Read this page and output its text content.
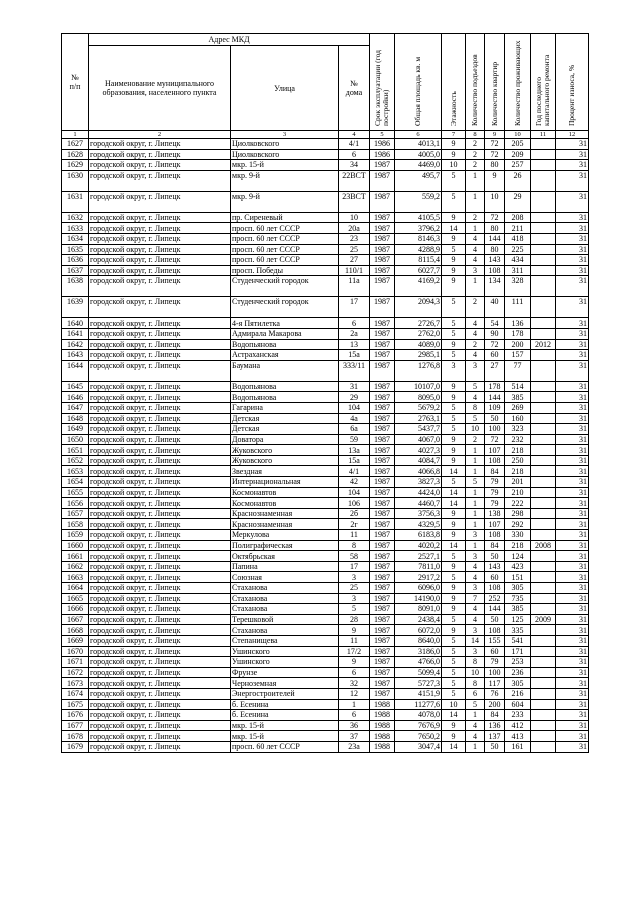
№ п/п	Адрес МКД			Срок эксплуатации (год постройки)	Общая площадь кв. м	Этажность	Количество подъездов	Количество квартир	Количество проживающих	Год последнего капитального ремонта	Процент износа, %

	Наименование муниципального образования, населенного пункта	Улица	№ дома								

1	2	3	4	5	6	7	8	9	10	11	12
1627	городской округ, г. Липецк	Циолковского	4/1	1986	4013,1	9	2	72	205		31
1628	городской округ, г. Липецк	Циолковского	6	1986	4005,0	9	2	72	209		31
1629	городской округ, г. Липецк	мкр. 15-й	34	1987	4469,0	10	2	80	257		31
1630	городской округ, г. Липецк	мкр. 9-й	22ВСТ	1987	495,7	5	1	9	26		31
1631	городской округ, г. Липецк	мкр. 9-й	23ВСТ	1987	559,2	5	1	10	29		31
1632	городской округ, г. Липецк	пр. Сиреневый	10	1987	4105,5	9	2	72	208		31
1633	городской округ, г. Липецк	просп. 60 лет СССР	20а	1987	3796,2	14	1	80	211		31
1634	городской округ, г. Липецк	просп. 60 лет СССР	23	1987	8146,3	9	4	144	418		31
1635	городской округ, г. Липецк	просп. 60 лет СССР	25	1987	4288,9	5	4	80	225		31
1636	городской округ, г. Липецк	просп. 60 лет СССР	27	1987	8115,4	9	4	143	434		31
1637	городской округ, г. Липецк	просп. Победы	110/1	1987	6027,7	9	3	108	311		31
1638	городской округ, г. Липецк	Студенческий городок	11а	1987	4169,2	9	1	134	328		31
1639	городской округ, г. Липецк	Студенческий городок	17	1987	2094,3	5	2	40	111		31
1640	городской округ, г. Липецк	4-я Пятилетка	6	1987	2726,7	5	4	54	136		31
1641	городской округ, г. Липецк	Адмирала Макарова	2а	1987	2762,0	5	4	90	178		31
1642	городской округ, г. Липецк	Водопьянова	13	1987	4089,0	9	2	72	200	2012	31
1643	городской округ, г. Липецк	Астраханская	15а	1987	2985,1	5	4	60	157		31
1644	городской округ, г. Липецк	Баумана	333/11	1987	1276,8	3	3	27	77		31
1645	городской округ, г. Липецк	Водопьянова	31	1987	10107,0	9	5	178	514		31
1646	городской округ, г. Липецк	Водопьянова	29	1987	8095,0	9	4	144	385		31
1647	городской округ, г. Липецк	Гагарина	104	1987	5679,2	5	8	109	269		31
1648	городской округ, г. Липецк	Детская	4а	1987	2763,1	5	5	50	160		31
1649	городской округ, г. Липецк	Детская	6а	1987	5437,7	5	10	100	323		31
1650	городской округ, г. Липецк	Доватора	59	1987	4067,0	9	2	72	232		31
1651	городской округ, г. Липецк	Жуковского	13а	1987	4027,3	9	1	107	218		31
1652	городской округ, г. Липецк	Жуковского	15а	1987	4084,7	9	1	108	250		31
1653	городской округ, г. Липецк	Звездная	4/1	1987	4066,8	14	1	84	218		31
1654	городской округ, г. Липецк	Интернациональная	42	1987	3827,3	5	5	79	201		31
1655	городской округ, г. Липецк	Космонавтов	104	1987	4424,0	14	1	79	210		31
1656	городской округ, г. Липецк	Космонавтов	106	1987	4460,7	14	1	79	222		31
1657	городской округ, г. Липецк	Краснознаменная	2б	1987	3756,3	9	1	138	298		31
1658	городской округ, г. Липецк	Краснознаменная	2г	1987	4329,5	9	1	107	292		31
1659	городской округ, г. Липецк	Меркулова	11	1987	6183,8	9	3	108	330		31
1660	городской округ, г. Липецк	Полиграфическая	8	1987	4020,2	14	1	84	218	2008	31
1661	городской округ, г. Липецк	Октябрьская	58	1987	2527,1	5	3	50	124		31
1662	городской округ, г. Липецк	Папина	17	1987	7811,0	9	4	143	423		31
1663	городской округ, г. Липецк	Союзная	3	1987	2917,2	5	4	60	151		31
1664	городской округ, г. Липецк	Стаханова	25	1987	6096,0	9	3	108	305		31
1665	городской округ, г. Липецк	Стаханова	3	1987	14190,0	9	7	252	735		31
1666	городской округ, г. Липецк	Стаханова	5	1987	8091,0	9	4	144	385		31
1667	городской округ, г. Липецк	Терешковой	28	1987	2438,4	5	4	50	125	2009	31
1668	городской округ, г. Липецк	Стаханова	9	1987	6072,0	9	3	108	335		31
1669	городской округ, г. Липецк	Степанищева	11	1987	8640,0	5	14	155	541		31
1670	городской округ, г. Липецк	Ушинского	17/2	1987	3186,0	5	3	60	171		31
1671	городской округ, г. Липецк	Ушинского	9	1987	4766,0	5	8	79	253		31
1672	городской округ, г. Липецк	Фрунзе	6	1987	5099,4	5	10	100	236		31
1673	городской округ, г. Липецк	Черноземная	32	1987	5727,3	5	8	117	305		31
1674	городской округ, г. Липецк	Энергостроителей	12	1987	4151,9	5	6	76	216		31
1675	городской округ, г. Липецк	б. Есенина	1	1988	11277,6	10	5	200	604		31
1676	городской округ, г. Липецк	б. Есенина	6	1988	4078,0	14	1	84	233		31
1677	городской округ, г. Липецк	мкр. 15-й	36	1988	7676,9	9	4	136	412		31
1678	городской округ, г. Липецк	мкр. 15-й	37	1988	7650,2	9	4	137	413		31
1679	городской округ, г. Липецк	просп. 60 лет СССР	23а	1988	3047,4	14	1	50	161		31
